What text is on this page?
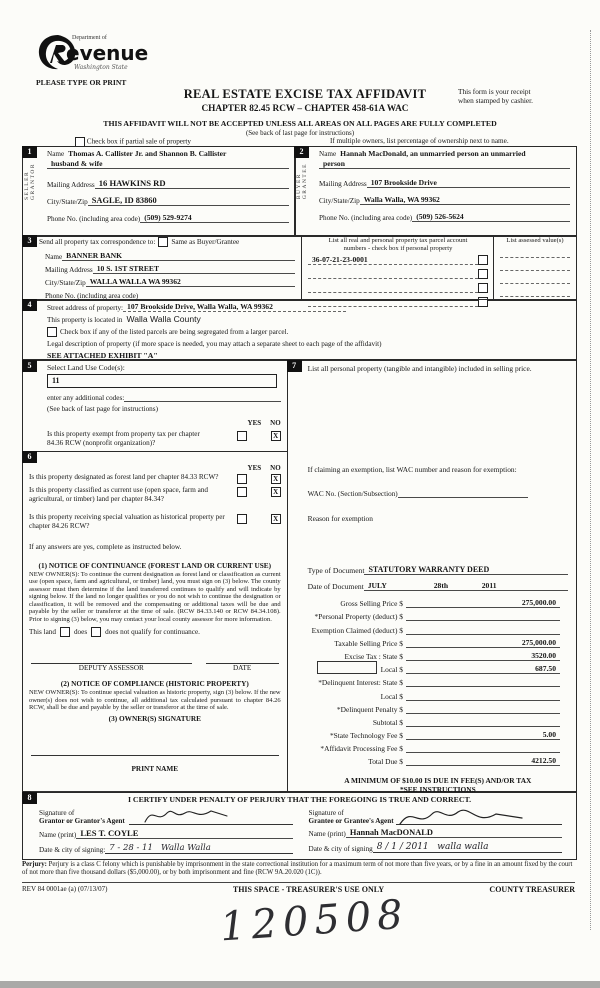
Department of
evenue
Washington State
PLEASE TYPE OR PRINT
REAL ESTATE EXCISE TAX AFFIDAVIT
CHAPTER 82.45 RCW – CHAPTER 458-61A WAC
This form is your receipt
when stamped by cashier.
THIS AFFIDAVIT WILL NOT BE ACCEPTED UNLESS ALL AREAS ON ALL PAGES ARE FULLY COMPLETED
(See back of last page for instructions)
Check box if partial sale of property	If multiple owners, list percentage of ownership next to name.
1
SELLER GRANTOR
Name Thomas A. Callister Jr. and Shannon B. Callister
husband & wife
Mailing Address 16 HAWKINS RD
City/State/Zip SAGLE, ID 83860
Phone No. (including area code) (509) 529-9274
2
BUYER GRANTEE
Name Hannah MacDonald, an unmarried person an unmarried
person
Mailing Address 107 Brookside Drive
City/State/Zip Walla Walla, WA 99362
Phone No. (including area code) (509) 526-5624
3	Send all property tax correspondence to: Same as Buyer/Grantee
Name BANNER BANK
Mailing Address 10 S. 1ST STREET
City/State/Zip WALLA WALLA WA 99362
Phone No. (including area code)
List all real and personal property tax parcel account
numbers - check box if personal property
36-07-21-23-0001
List assessed value(s)
4	Street address of property: 107 Brookside Drive, Walla Walla, WA 99362
This property is located in Walla Walla County
Check box if any of the listed parcels are being segregated from a larger parcel.
Legal description of property (if more space is needed, you may attach a separate sheet to each page of the affidavit)
SEE ATTACHED EXHIBIT "A"
5	Select Land Use Code(s):
11
enter any additional codes:
(See back of last page for instructions)
YES NO
Is this property exempt from property tax per chapter
84.36 RCW (nonprofit organization)?
X
6
YES NO
Is this property designated as forest land per chapter 84.33 RCW?	X
Is this property classified as current use (open space, farm and agricultural, or timber) land per chapter 84.34?
X
Is this property receiving special valuation as historical property per chapter 84.26 RCW?
X
If any answers are yes, complete as instructed below.
(1) NOTICE OF CONTINUANCE (FOREST LAND OR CURRENT USE)
NEW OWNER(S): To continue the current designation as forest land or classification as current use (open space, farm and agricultural, or timber) land, you must sign on (3) below. The county assessor must then determine if the land transferred continues to qualify and will indicate by signing below. If the land no longer qualifies or you do not wish to continue the designation or classification, it will be removed and the compensating or additional taxes will be due and payable by the seller or transferor at the time of sale. (RCW 84.33.140 or RCW 84.34.108). Prior to signing (3) below, you may contact your local county assessor for more information.
This land	does	does not qualify for continuance.
DEPUTY ASSESSOR	DATE
(2) NOTICE OF COMPLIANCE (HISTORIC PROPERTY)
NEW OWNER(S): To continue special valuation as historic property, sign (3) below. If the new owner(s) does not wish to continue, all additional tax calculated pursuant to chapter 84.26 RCW, shall be due and payable by the seller or transferor at the time of sale.
(3) OWNER(S) SIGNATURE
PRINT NAME
7	List all personal property (tangible and intangible) included in selling price.
If claiming an exemption, list WAC number and reason for exemption:
WAC No. (Section/Subsection)
Reason for exemption
Type of Document STATUTORY WARRANTY DEED
Date of Document JULY	28th	2011
Gross Selling Price $	275,000.00
*Personal Property (deduct) $
Exemption Claimed (deduct) $
Taxable Selling Price $	275,000.00
Excise Tax : State $	3520.00
Local $	687.50
*Delinquent Interest: State $
Local $
*Delinquent Penalty $
Subtotal $
*State Technology Fee $	5.00
*Affidavit Processing Fee $
Total Due $	4212.50
A MINIMUM OF $10.00 IS DUE IN FEE(S) AND/OR TAX
*SEE INSTRUCTIONS
8	I CERTIFY UNDER PENALTY OF PERJURY THAT THE FOREGOING IS TRUE AND CORRECT.
Signature of
Grantor or Grantor's Agent
Name (print) LES T. COYLE
Date & city of signing: 7 - 28 - 11 Walla Walla
Signature of
Grantee or Grantee's Agent
Name (print) Hannah MacDONALD
Date & city of signing 8 / 1 / 2011 walla walla
Perjury: Perjury is a class C felony which is punishable by imprisonment in the state correctional institution for a maximum term of not more than five years, or by a fine in an amount fixed by the court of not more than five thousand dollars ($5,000.00), or by both imprisonment and fine (RCW 9A.20.020 (1C)).
REV 84 0001ae (a) (07/13/07)	THIS SPACE - TREASURER'S USE ONLY	COUNTY TREASURER
120508
